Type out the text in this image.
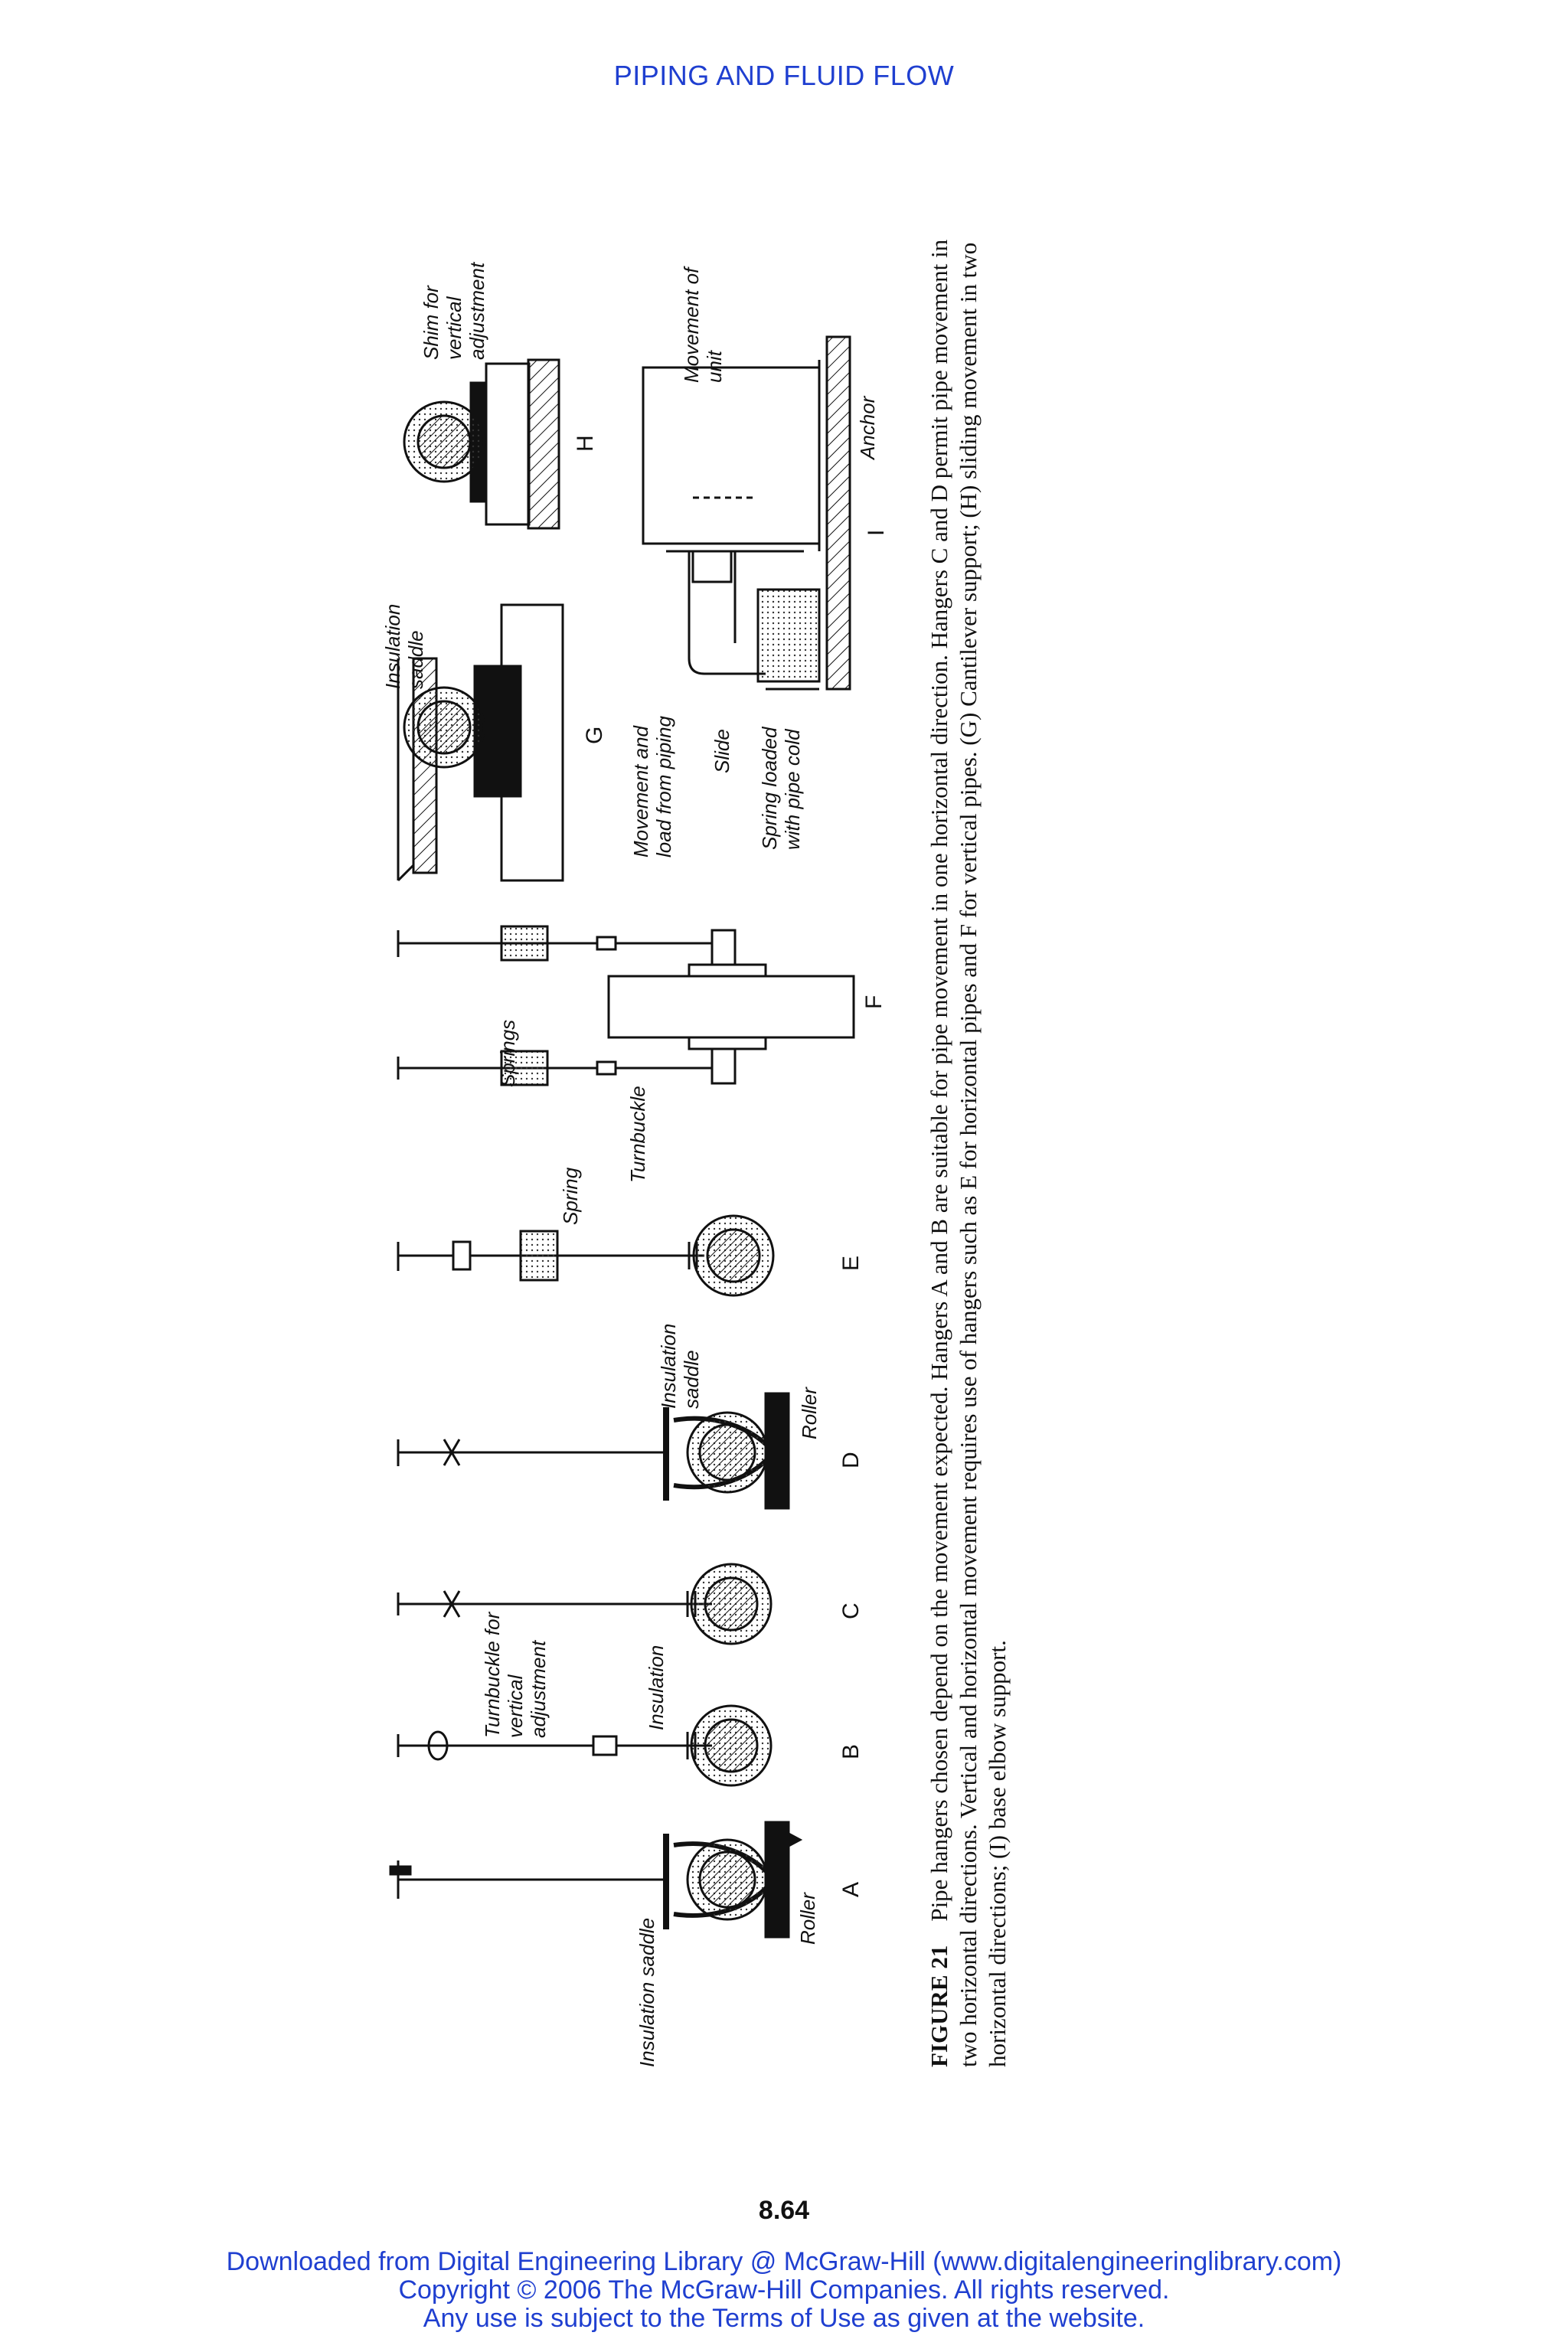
PIPING AND FLUID FLOW
Insulation saddle	Roller
Turnbuckle for vertical adjustment	Insulation
Insulation saddle
Roller
Spring
Springs
Turnbuckle
Insulation saddle
Shim for vertical adjustment
Movement and load from piping Slide Spring loaded with pipe cold
Movement of unit
Anchor
A
B
C
D
E
F
G
H
I
FIGURE 21    Pipe hangers chosen depend on the movement expected. Hangers A and B are suitable for pipe movement in one horizontal direction. Hangers C and D permit pipe movement in two horizontal directions. Vertical and horizontal movement requires use of hangers such as E for horizontal pipes and F for vertical pipes. (G) Cantilever support; (H) sliding movement in two horizontal directions; (I) base elbow support.
8.64
Downloaded from Digital Engineering Library @ McGraw-Hill (www.digitalengineeringlibrary.com)
Copyright © 2006 The McGraw-Hill Companies. All rights reserved.
Any use is subject to the Terms of Use as given at the website.
